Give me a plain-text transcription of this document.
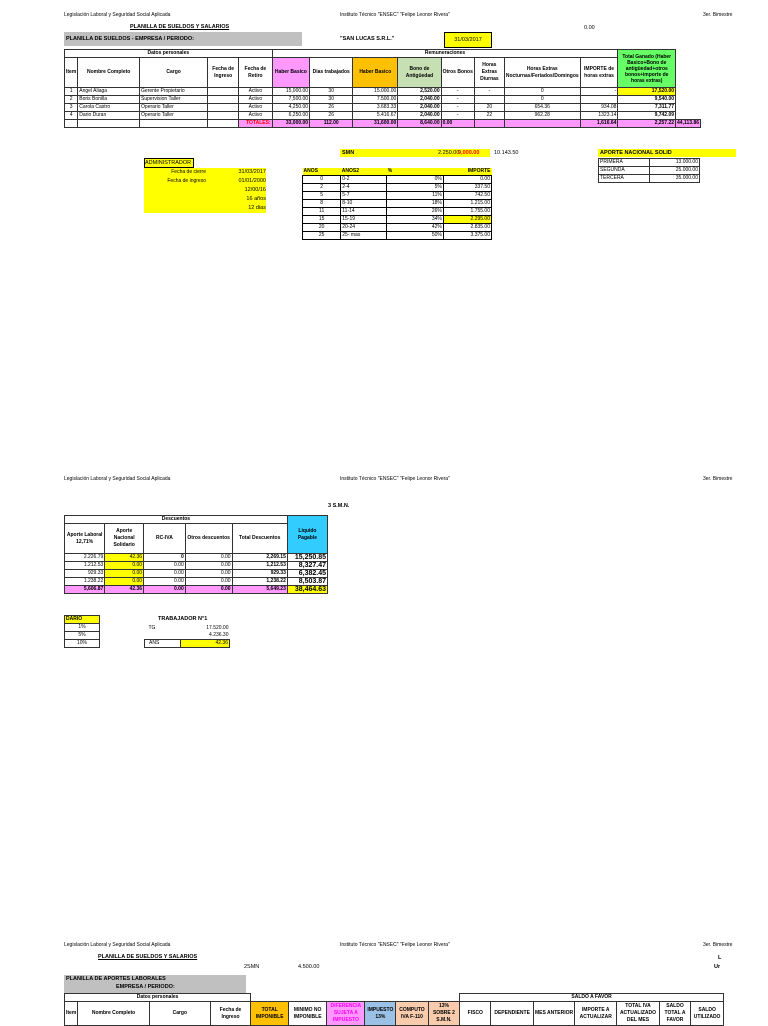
Legislación Laboral y Seguridad Social Aplicada	Instituto Técnico "ENSEC" "Felipe Leonor Rivera"	3er. Bimestre
PLANILLA DE SUELDOS Y SALARIOS	0.00
PLANILLA DE SUELDOS - EMPRESA / PERIODO:	"SAN LUCAS S.R.L."	31/03/2017
Datos personales					Remuneraciones								Total Ganado (Haber Basico+Bono de antigüedad+otros bonos+importe de horas extras)	
Item	Nombre Completo	Cargo	Fecha de Ingreso	Fecha de Retiro	Haber Basico	Dias trabajados	Haber Basico	Bono de Antigüedad	Otros Bonos	Horas Extras Diurnas	Horas Extras Nocturnas/Feriados/Domingos	IMPORTE de horas extras		
1	Angel Aliaga	Gerente Propietario		Activo	15,000.00	30	15.000.00	2,520.00	-	-	0	-	17,520.00	
2	Boris Bonilla	Supervision Taller		Activo	7,500.00	30	7.500.00	2,040.00	-		0		9,540.00	
3	Carola Castro	Operario Taller		Activo	4,250.00	26	3.683.33	2,040.00	-	20	654.36	934.08	7,311.77	
4	Dario Duran	Operario Taller		Activo	6,250.00	26	5.416.67	2,040.00	-	22	962.28	1323.14	9,742.09	
				TOTALES:	33,000.00	112.00	31,600.00	8,640.00	0.00			1,616.64	2,257.22	44,113.86
ADMINISTRADOR
Fecha de cierre	31/03/2017
Fecha de ingreso	01/01/2000
12/00/16
16 años
12 dias
SMN	2.250.00
9,000.00	10.143.50
AÑOS	AÑOS2	%	IMPORTE
0	0-2	0%	0.00
2	2-4	5%	337.50
5	5-7	11%	742.50
8	8-10	18%	1.215.00
11	11-14	26%	1.755.00
15	15-19	34%	2.295.00
20	20-24	42%	2.835.00
25	25- mas	50%	3.375.00
APORTE NACIONAL SOLID
PRIMERA	13.000.00
SEGUNDA	25.000.00
TERCERA	35.000.00
Legislación Laboral y Seguridad Social Aplicada	Instituto Técnico "ENSEC" "Felipe Leonor Rivera"	3er. Bimestre
3 S.M.N.
Descuentos					Liquido Pagable
Aporte Laboral 12,71%	Aporte Nacional Solidario	RC-IVA	Otros descuentos	Total Descuentos	
2.226.79	42.36	0	0.00	2,269.15	15,250.85
1.212.53	0.00	0.00	0.00	1,212.53	8,327.47
929.33	0.00	0.00	0.00	929.33	6,382.45
1.238.22	0.00	0.00	0.00	1,238.22	8,503.87
5,606.87	42.36	0.00	0.00	5,649.23	38,464.63
DARIO
1%
5%
10%
TRABAJADOR N°1
TG	17.520.00
	4.236.30
ANS	42.36
Legislación Laboral y Seguridad Social Aplicada	Instituto Técnico "ENSEC" "Felipe Leonor Rivera"	3er. Bimestre
PLANILLA DE SUELDOS Y SALARIOS	L
2SMN	4.500.00	Ur
PLANILLA DE APORTES LABORALES
EMPRESA / PERIODO:
Datos personales										SALDO A FAVOR						
Item	Nombre Completo	Cargo	Fecha de Ingreso	TOTAL IMPONIBLE	MINIMO NO IMPONIBLE	DIFERENCIA SUJETA A IMPUESTO	IMPUESTO 13%	COMPUTO IVA F-110	13% SOBRE 2 S.M.N.	FISCO	DEPENDIENTE	MES ANTERIOR	IMPORTE A ACTUALIZAR	TOTAL IVA ACTUALIZADO DEL MES	SALDO TOTAL A FAVOR	SALDO UTILIZADO
